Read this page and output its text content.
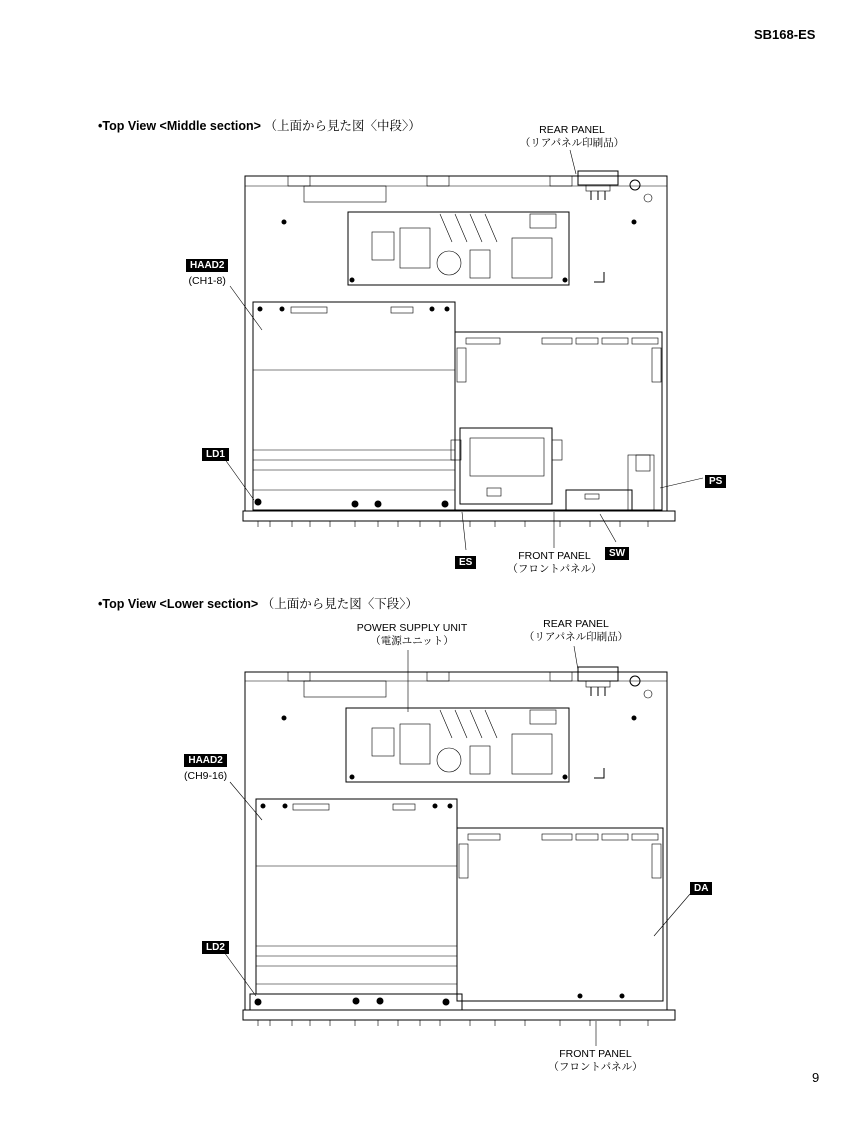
SB168-ES
9
•Top View <Middle section> （上面から見た図〈中段〉）	REAR PANEL
（リアパネル印刷品）
HAAD2
(CH1-8)
LD1
PS
ES
SW
FRONT PANEL
（フロントパネル）
•Top View <Lower section> （上面から見た図〈下段〉）
POWER SUPPLY UNIT
（電源ユニット）
REAR PANEL
（リアパネル印刷品）
HAAD2
(CH9-16)
DA
LD2
FRONT PANEL
（フロントパネル）
